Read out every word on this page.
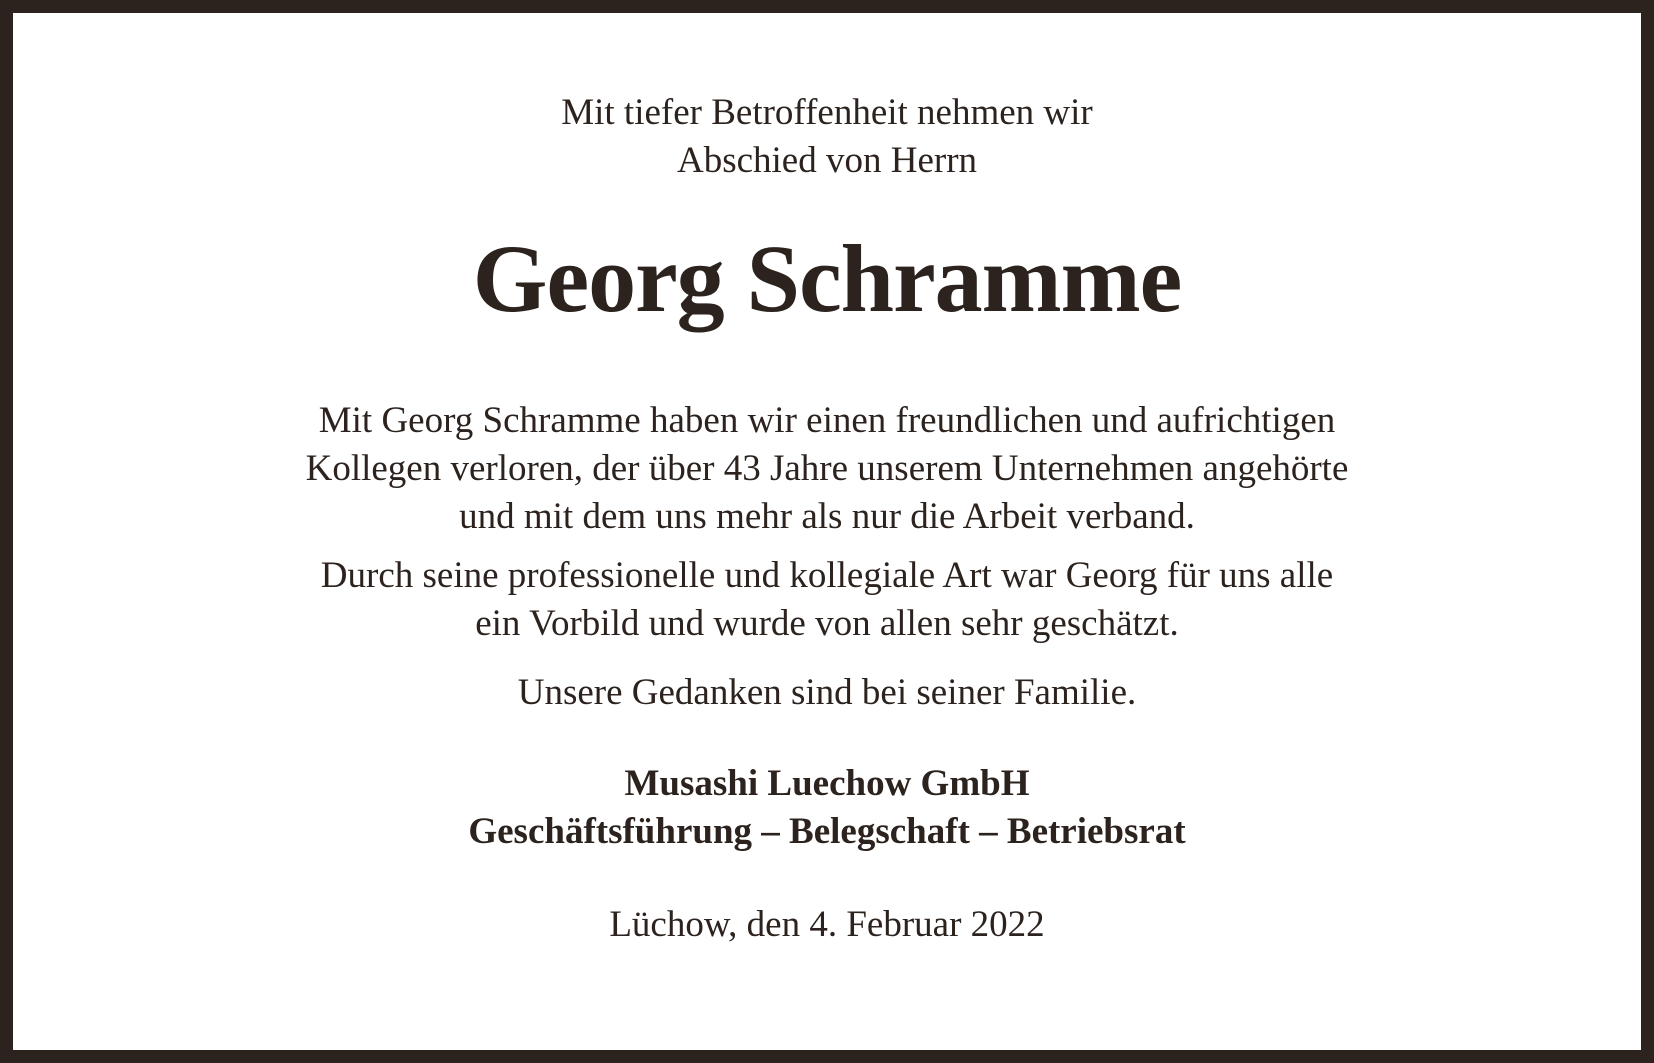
Mit tiefer Betroffenheit nehmen wir
Abschied von Herrn
Georg Schramme
Mit Georg Schramme haben wir einen freundlichen und aufrichtigen
Kollegen verloren, der über 43 Jahre unserem Unternehmen angehörte
und mit dem uns mehr als nur die Arbeit verband.
Durch seine professionelle und kollegiale Art war Georg für uns alle
ein Vorbild und wurde von allen sehr geschätzt.
Unsere Gedanken sind bei seiner Familie.
Musashi Luechow GmbH
Geschäftsführung – Belegschaft – Betriebsrat
Lüchow, den 4. Februar 2022
